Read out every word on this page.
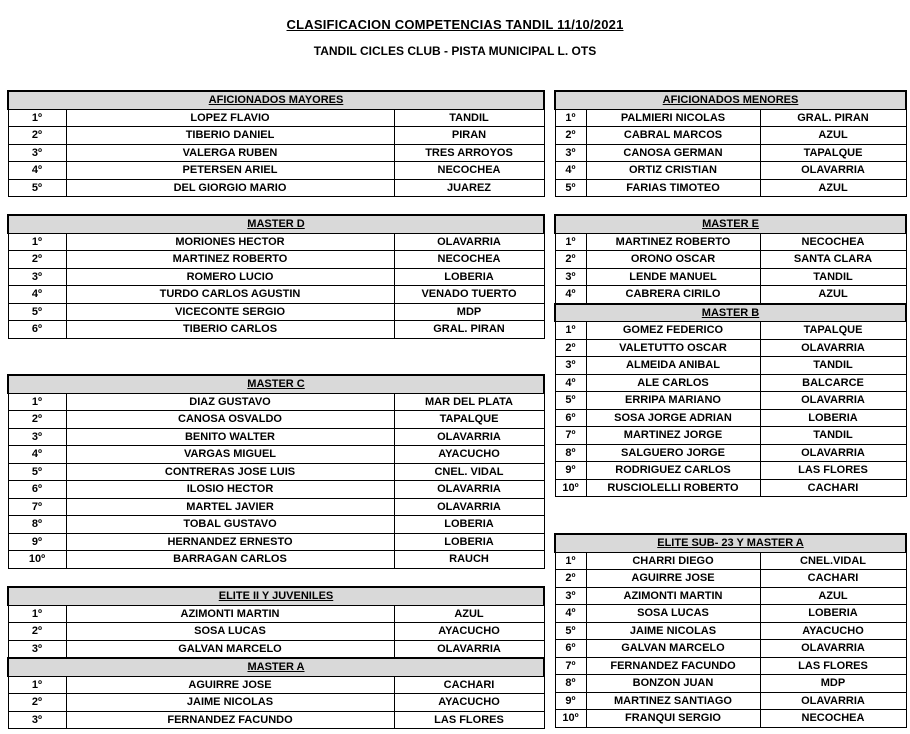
CLASIFICACION COMPETENCIAS TANDIL 11/10/2021
TANDIL CICLES CLUB - PISTA MUNICIPAL L. OTS
AFICIONADOS MAYORES		
1º	LOPEZ FLAVIO	TANDIL
2º	TIBERIO DANIEL	PIRAN
3º	VALERGA RUBEN	TRES ARROYOS
4º	PETERSEN ARIEL	NECOCHEA
5º	DEL GIORGIO MARIO	JUAREZ
MASTER D		
1º	MORIONES HECTOR	OLAVARRIA
2º	MARTINEZ ROBERTO	NECOCHEA
3º	ROMERO LUCIO	LOBERIA
4º	TURDO CARLOS AGUSTIN	VENADO TUERTO
5º	VICECONTE SERGIO	MDP
6º	TIBERIO CARLOS	GRAL. PIRAN
MASTER C		
1º	DIAZ GUSTAVO	MAR DEL PLATA
2º	CANOSA OSVALDO	TAPALQUE
3º	BENITO WALTER	OLAVARRIA
4º	VARGAS MIGUEL	AYACUCHO
5º	CONTRERAS JOSE LUIS	CNEL. VIDAL
6º	ILOSIO HECTOR	OLAVARRIA
7º	MARTEL JAVIER	OLAVARRIA
8º	TOBAL GUSTAVO	LOBERIA
9º	HERNANDEZ ERNESTO	LOBERIA
10º	BARRAGAN CARLOS	RAUCH
ELITE II Y JUVENILES		
1º	AZIMONTI MARTIN	AZUL
2º	SOSA LUCAS	AYACUCHO
3º	GALVAN MARCELO	OLAVARRIA
MASTER A		
1º	AGUIRRE JOSE	CACHARI
2º	JAIME NICOLAS	AYACUCHO
3º	FERNANDEZ FACUNDO	LAS FLORES
AFICIONADOS MENORES		
1º	PALMIERI NICOLAS	GRAL. PIRAN
2º	CABRAL MARCOS	AZUL
3º	CANOSA GERMAN	TAPALQUE
4º	ORTIZ CRISTIAN	OLAVARRIA
5º	FARIAS TIMOTEO	AZUL
MASTER E		
1º	MARTINEZ ROBERTO	NECOCHEA
2º	ORONO OSCAR	SANTA CLARA
3º	LENDE MANUEL	TANDIL
4º	CABRERA CIRILO	AZUL
MASTER B		
1º	GOMEZ FEDERICO	TAPALQUE
2º	VALETUTTO OSCAR	OLAVARRIA
3º	ALMEIDA ANIBAL	TANDIL
4º	ALE CARLOS	BALCARCE
5º	ERRIPA MARIANO	OLAVARRIA
6º	SOSA JORGE ADRIAN	LOBERIA
7º	MARTINEZ JORGE	TANDIL
8º	SALGUERO JORGE	OLAVARRIA
9º	RODRIGUEZ CARLOS	LAS FLORES
10º	RUSCIOLELLI ROBERTO	CACHARI
ELITE SUB- 23 Y MASTER A		
1º	CHARRI DIEGO	CNEL.VIDAL
2º	AGUIRRE JOSE	CACHARI
3º	AZIMONTI MARTIN	AZUL
4º	SOSA LUCAS	LOBERIA
5º	JAIME NICOLAS	AYACUCHO
6º	GALVAN MARCELO	OLAVARRIA
7º	FERNANDEZ FACUNDO	LAS FLORES
8º	BONZON JUAN	MDP
9º	MARTINEZ SANTIAGO	OLAVARRIA
10º	FRANQUI SERGIO	NECOCHEA
